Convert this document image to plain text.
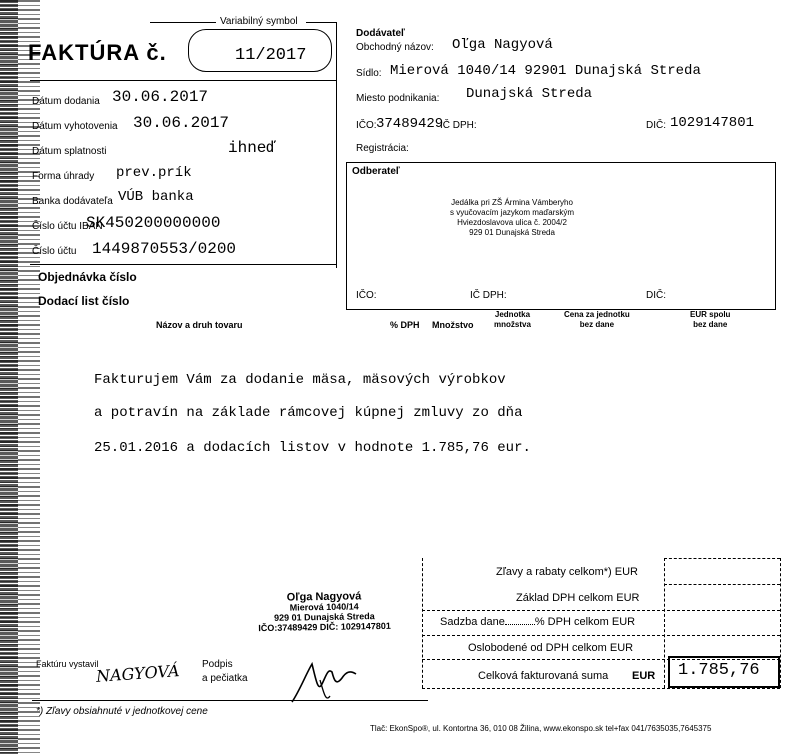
FAKTÚRA č.
Variabilný symbol
11/2017
Dátum dodania 30.06.2017
Dátum vyhotovenia 30.06.2017
Dátum splatnosti	ihneď
Forma úhrady prev.prík
Banka dodávateľa VÚB banka
Číslo účtu IBAN
SK450200000000
Číslo účtu 1449870553/0200
Objednávka číslo
Dodací list číslo
Dodávateľ
Obchodný názov: Oľga Nagyová
Sídlo: Mierová 1040/14 92901 Dunajská Streda
Miesto podnikania: Dunajská Streda
IČO: 37489429
IČ DPH:	DIČ: 1029147801
Registrácia:
Odberateľ
Jedálka pri ZŠ Ármina Vámberyho
s vyučovacím jazykom maďarským
Hviezdoslavova ulica č. 2004/2
929 01 Dunajská Streda
IČO:	IČ DPH:	DIČ:
Názov a druh tovaru	% DPH Množstvo
Jednotka
množstva
Cena za jednotku
bez dane
EUR spolu
bez dane
Fakturujem Vám za dodanie mäsa, mäsových výrobkov
a potravín na základe rámcovej kúpnej zmluvy zo dňa
25.01.2016 a dodacích listov v hodnote 1.785,76 eur.
Zľavy a rabaty celkom*) EUR
Základ DPH celkom EUR
Sadzba dane	% DPH celkom EUR
Oslobodené od DPH celkom EUR
Celková fakturovaná suma EUR 1.785,76
Oľga Nagyová
Mierová 1040/14
929 01 Dunajská Streda
IČO:37489429 DIČ: 1029147801
Faktúru vystavil
NAGYOVÁ Podpis
a pečiatka
*) Zľavy obsiahnuté v jednotkovej cene
Tlač: EkonSpo®, ul. Kontortna 36, 010 08 Žilina, www.ekonspo.sk tel+fax 041/7635035,7645375
